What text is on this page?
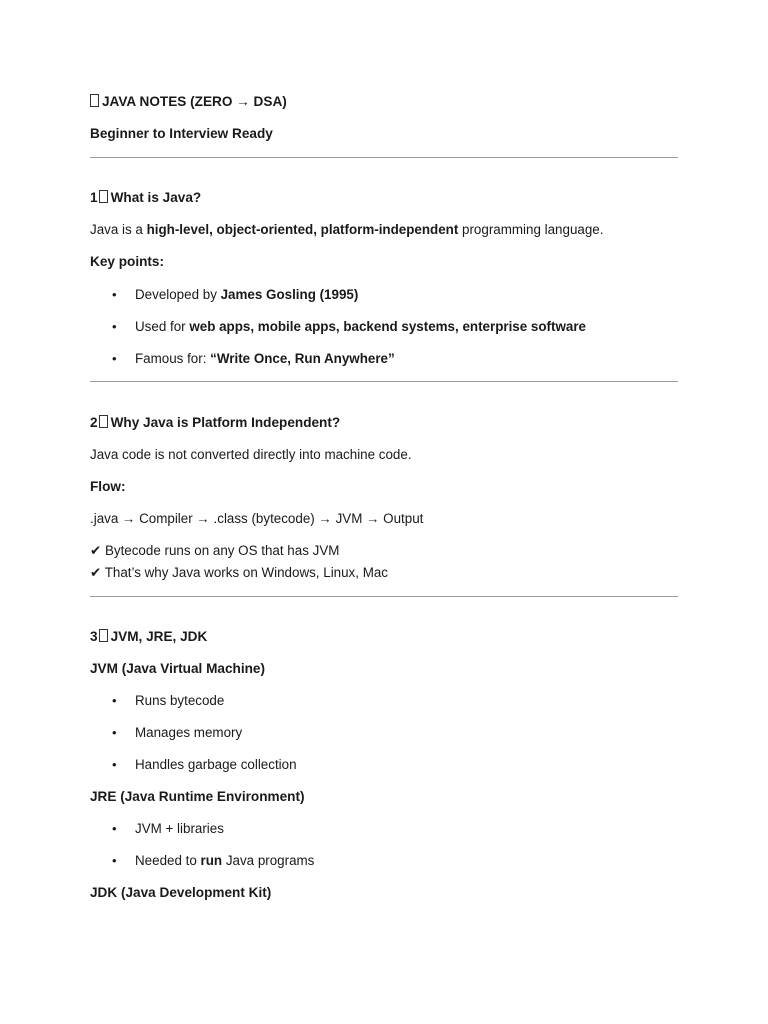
JAVA NOTES (ZERO → DSA)
Beginner to Interview Ready
1 What is Java?
Java is a high-level, object-oriented, platform-independent programming language.
Key points:
• Developed by James Gosling (1995)
• Used for web apps, mobile apps, backend systems, enterprise software
• Famous for: “Write Once, Run Anywhere”
2 Why Java is Platform Independent?
Java code is not converted directly into machine code.
Flow:
.java → Compiler → .class (bytecode) → JVM → Output
✔ Bytecode runs on any OS that has JVM
✔ That’s why Java works on Windows, Linux, Mac
3 JVM, JRE, JDK
JVM (Java Virtual Machine)
• Runs bytecode
• Manages memory
• Handles garbage collection
JRE (Java Runtime Environment)
• JVM + libraries
• Needed to run Java programs
JDK (Java Development Kit)
